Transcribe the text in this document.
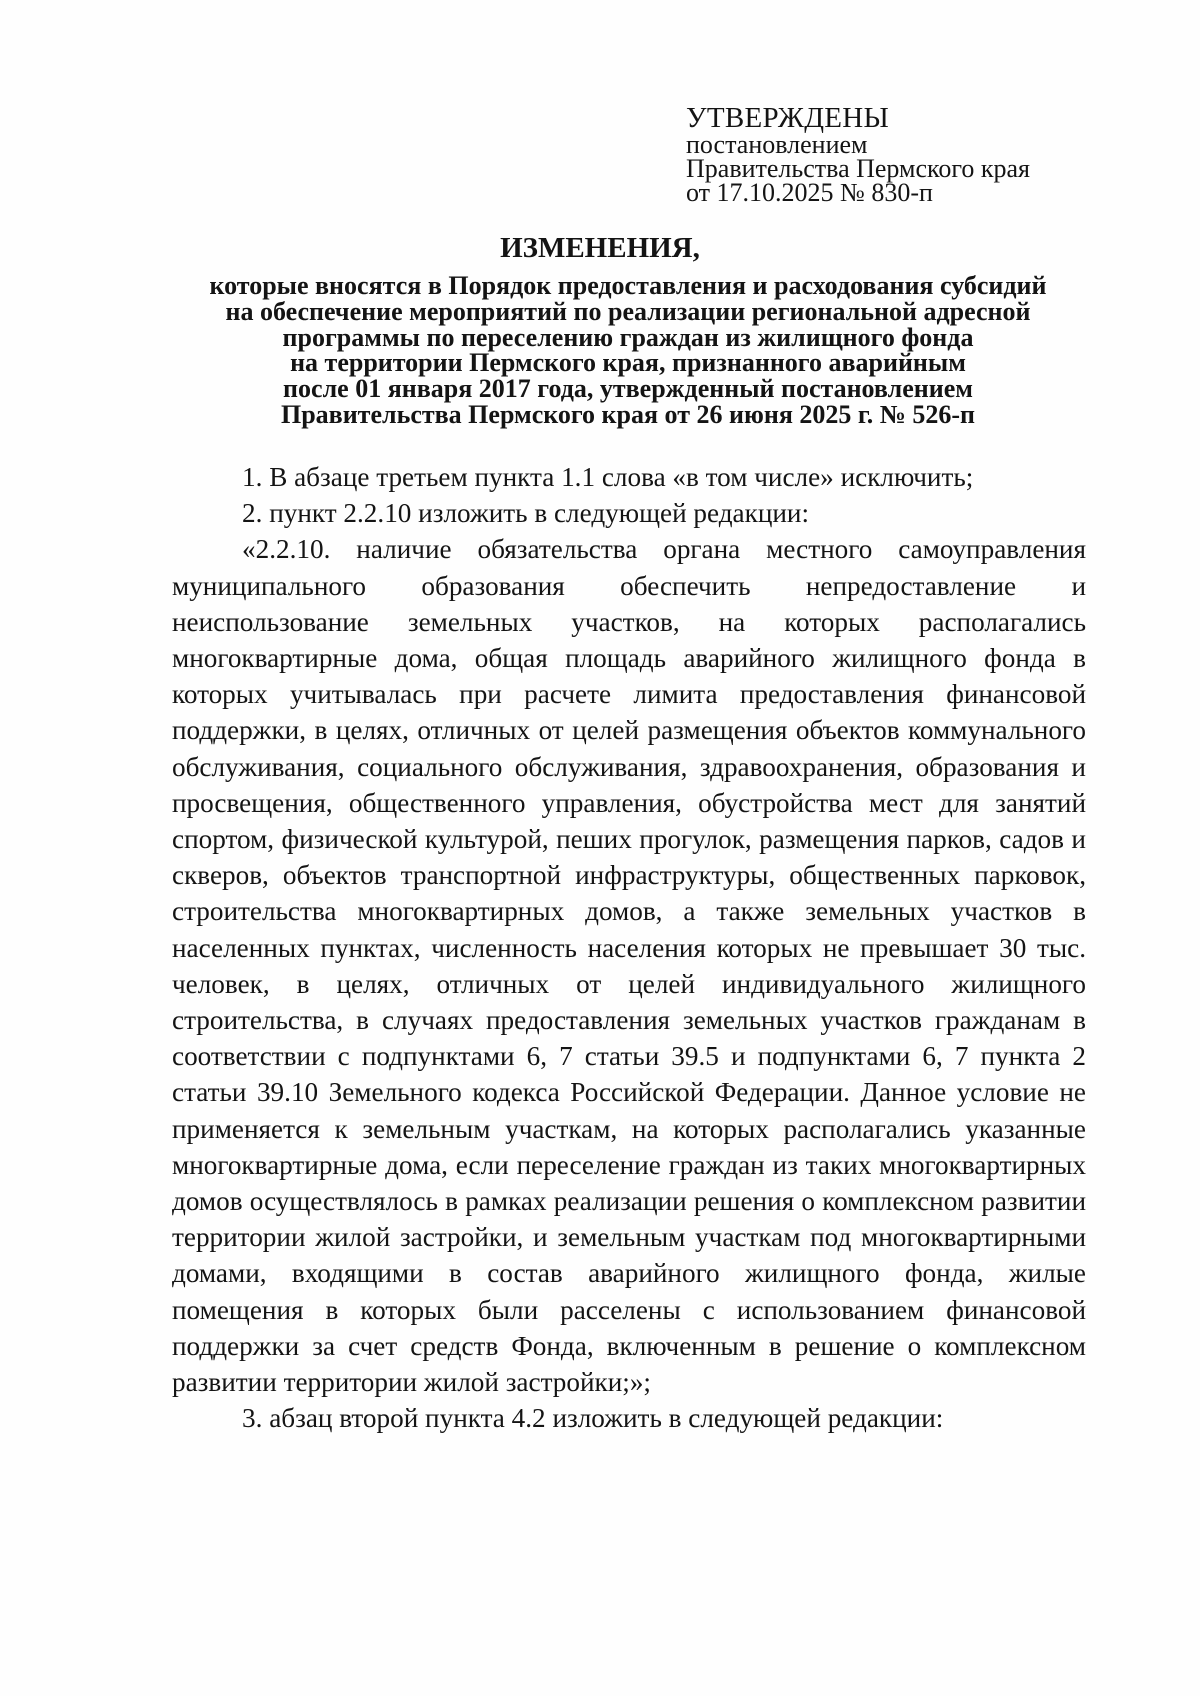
УТВЕРЖДЕНЫ
постановлением
Правительства Пермского края
от 17.10.2025 № 830-п
ИЗМЕНЕНИЯ,
которые вносятся в Порядок предоставления и расходования субсидий
на обеспечение мероприятий по реализации региональной адресной
программы по переселению граждан из жилищного фонда
на территории Пермского края, признанного аварийным
после 01 января 2017 года, утвержденный постановлением
Правительства Пермского края от 26 июня 2025 г. № 526-п

1. В абзаце третьем пункта 1.1 слова «в том числе» исключить;

2. пункт 2.2.10 изложить в следующей редакции:

«2.2.10. наличие обязательства органа местного самоуправления муниципального образования обеспечить непредоставление и неиспользование земельных участков, на которых располагались многоквартирные дома, общая площадь аварийного жилищного фонда в которых учитывалась при расчете лимита предоставления финансовой поддержки, в целях, отличных от целей размещения объектов коммунального обслуживания, социального обслуживания, здравоохранения, образования и просвещения, общественного управления, обустройства мест для занятий спортом, физической культурой, пеших прогулок, размещения парков, садов и скверов, объектов транспортной инфраструктуры, общественных парковок, строительства многоквартирных домов, а также земельных участков в населенных пунктах, численность населения которых не превышает 30 тыс. человек, в целях, отличных от целей индивидуального жилищного строительства, в случаях предоставления земельных участков гражданам в соответствии с подпунктами 6, 7 статьи 39.5 и подпунктами 6, 7 пункта 2 статьи 39.10 Земельного кодекса Российской Федерации. Данное условие не применяется к земельным участкам, на которых располагались указанные многоквартирные дома, если переселение граждан из таких многоквартирных домов осуществлялось в рамках реализации решения о комплексном развитии территории жилой застройки, и земельным участкам под многоквартирными домами, входящими в состав аварийного жилищного фонда, жилые помещения в которых были расселены с использованием финансовой поддержки за счет средств Фонда, включенным в решение о комплексном развитии территории жилой застройки;»;

3. абзац второй пункта 4.2 изложить в следующей редакции:
